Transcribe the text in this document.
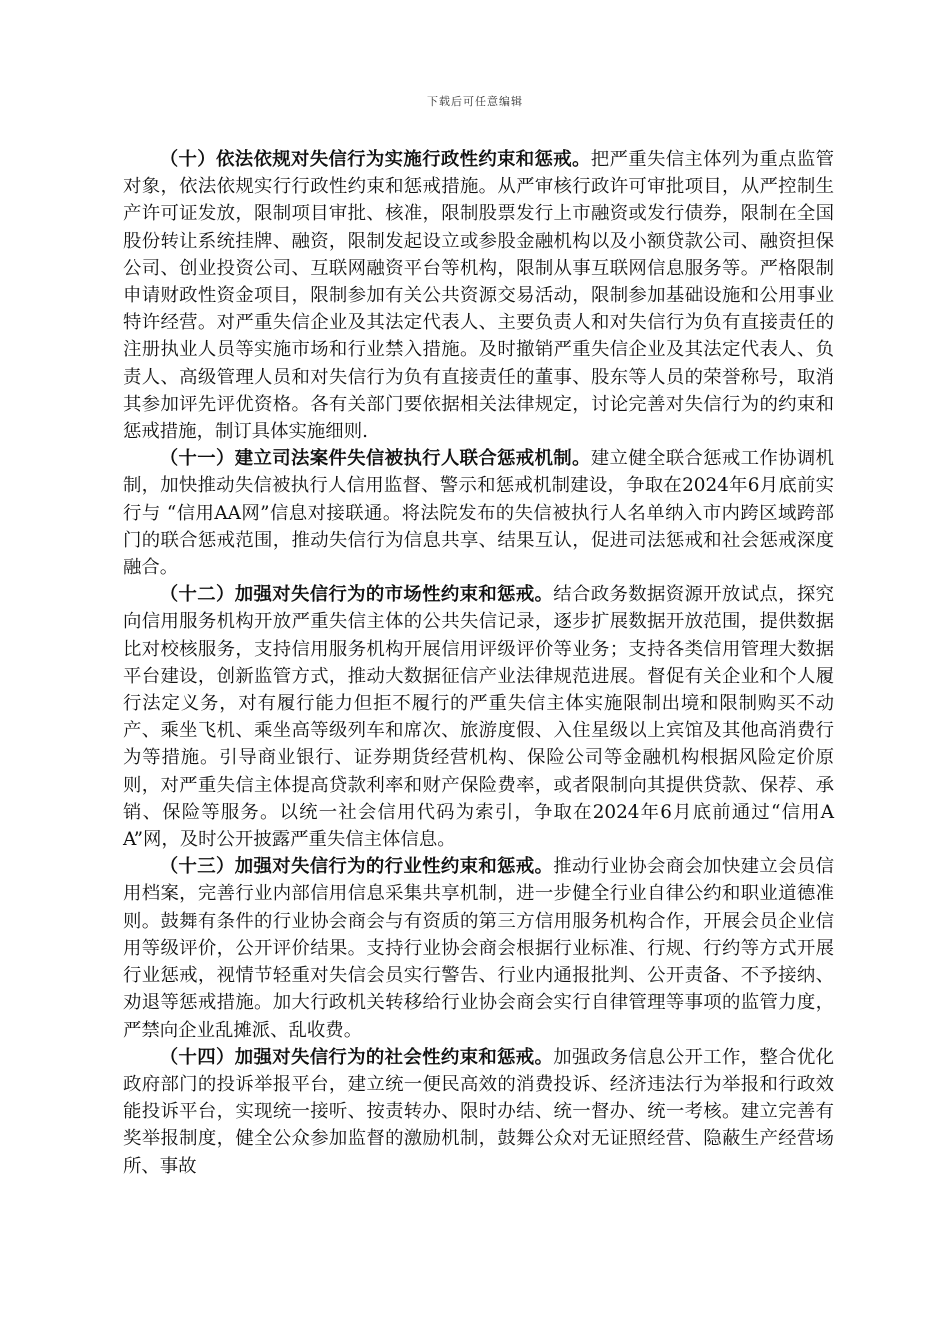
下载后可任意编辑

（十）依法依规对失信行为实施行政性约束和惩戒。把严重失信主体列为重点监管对象，依法依规实行行政性约束和惩戒措施。从严审核行政许可审批项目，从严控制生产许可证发放，限制项目审批、核准，限制股票发行上市融资或发行债券，限制在全国股份转让系统挂牌、融资，限制发起设立或参股金融机构以及小额贷款公司、融资担保公司、创业投资公司、互联网融资平台等机构，限制从事互联网信息服务等。严格限制申请财政性资金项目，限制参加有关公共资源交易活动，限制参加基础设施和公用事业特许经营。对严重失信企业及其法定代表人、主要负责人和对失信行为负有直接责任的注册执业人员等实施市场和行业禁入措施。及时撤销严重失信企业及其法定代表人、负责人、高级管理人员和对失信行为负有直接责任的董事、股东等人员的荣誉称号，取消其参加评先评优资格。各有关部门要依据相关法律规定，讨论完善对失信行为的约束和惩戒措施，制订具体实施细则.

（十一）建立司法案件失信被执行人联合惩戒机制。建立健全联合惩戒工作协调机制，加快推动失信被执行人信用监督、警示和惩戒机制建设，争取在2024年6月底前实行与 “信用AA网”信息对接联通。将法院发布的失信被执行人名单纳入市内跨区域跨部门的联合惩戒范围，推动失信行为信息共享、结果互认，促进司法惩戒和社会惩戒深度融合。

（十二）加强对失信行为的市场性约束和惩戒。结合政务数据资源开放试点，探究向信用服务机构开放严重失信主体的公共失信记录，逐步扩展数据开放范围，提供数据比对校核服务，支持信用服务机构开展信用评级评价等业务；支持各类信用管理大数据平台建设，创新监管方式，推动大数据征信产业法律规范进展。督促有关企业和个人履行法定义务，对有履行能力但拒不履行的严重失信主体实施限制出境和限制购买不动产、乘坐飞机、乘坐高等级列车和席次、旅游度假、入住星级以上宾馆及其他高消费行为等措施。引导商业银行、证券期货经营机构、保险公司等金融机构根据风险定价原则，对严重失信主体提高贷款利率和财产保险费率，或者限制向其提供贷款、保荐、承销、保险等服务。以统一社会信用代码为索引，争取在2024年6月底前通过“信用AA”网，及时公开披露严重失信主体信息。

（十三）加强对失信行为的行业性约束和惩戒。推动行业协会商会加快建立会员信用档案，完善行业内部信用信息采集共享机制，进一步健全行业自律公约和职业道德准则。鼓舞有条件的行业协会商会与有资质的第三方信用服务机构合作，开展会员企业信用等级评价，公开评价结果。支持行业协会商会根据行业标准、行规、行约等方式开展行业惩戒，视情节轻重对失信会员实行警告、行业内通报批判、公开责备、不予接纳、劝退等惩戒措施。加大行政机关转移给行业协会商会实行自律管理等事项的监管力度，严禁向企业乱摊派、乱收费。

（十四）加强对失信行为的社会性约束和惩戒。加强政务信息公开工作，整合优化政府部门的投诉举报平台，建立统一便民高效的消费投诉、经济违法行为举报和行政效能投诉平台，实现统一接听、按责转办、限时办结、统一督办、统一考核。建立完善有奖举报制度，健全公众参加监督的激励机制，鼓舞公众对无证照经营、隐蔽生产经营场所、事故
